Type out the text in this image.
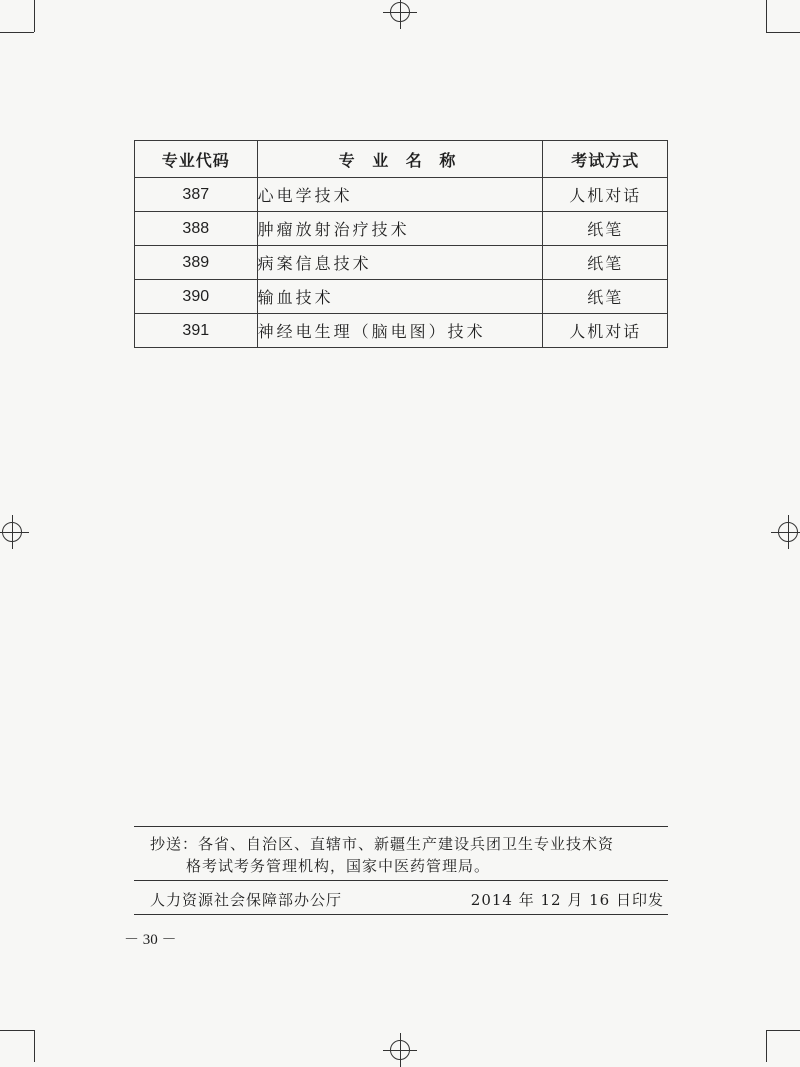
专业代码	专 业 名 称	考试方式
387	心电学技术	人机对话
388	肿瘤放射治疗技术	纸笔
389	病案信息技术	纸笔
390	输血技术	纸笔
391	神经电生理（脑电图）技术	人机对话
抄送：各省、自治区、直辖市、新疆生产建设兵团卫生专业技术资
格考试考务管理机构，国家中医药管理局。
人力资源社会保障部办公厅	2014 年 12 月 16 日印发
－ 30 －
